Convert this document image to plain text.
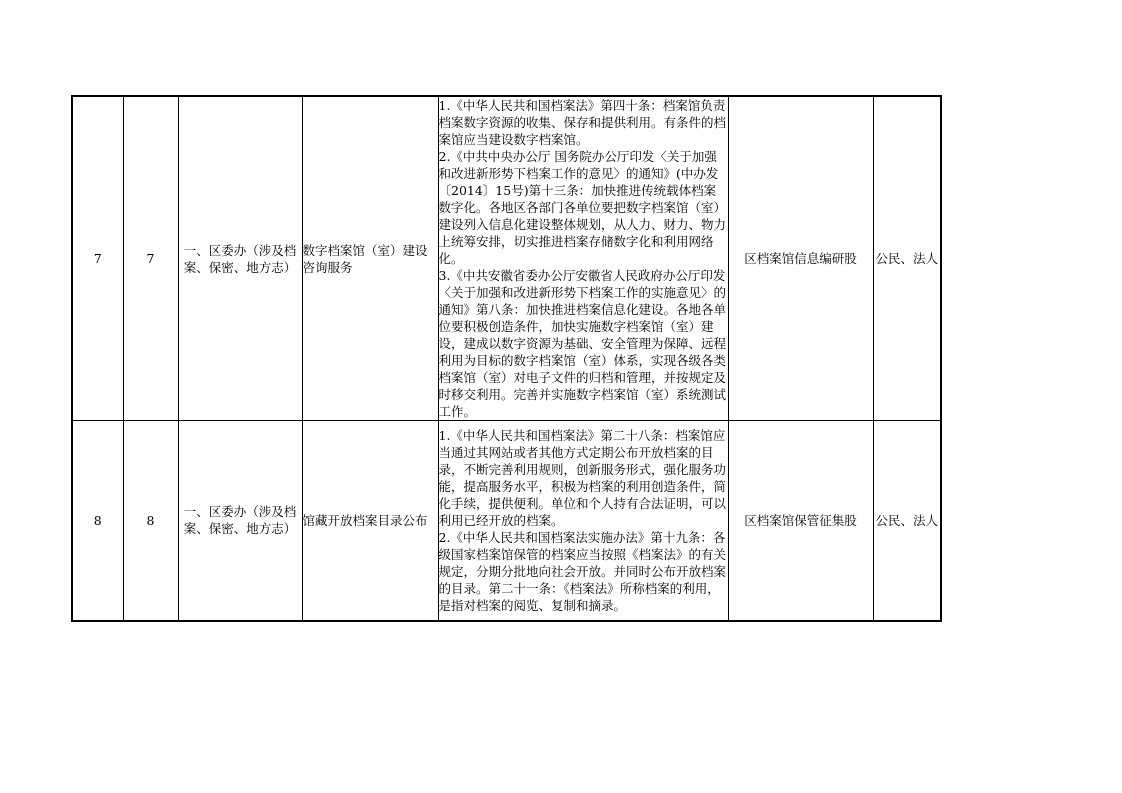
7	7	一、区委办（涉及档案、保密、地方志）	数字档案馆（室）建设咨询服务	1.《中华人民共和国档案法》第四十条：档案馆负责档案数字资源的收集、保存和提供利用。有条件的档案馆应当建设数字档案馆。
2.《中共中央办公厅 国务院办公厅印发〈关于加强和改进新形势下档案工作的意见〉的通知》(中办发〔2014〕15号)第十三条：加快推进传统载体档案数字化。各地区各部门各单位要把数字档案馆（室）建设列入信息化建设整体规划，从人力、财力、物力上统筹安排，切实推进档案存储数字化和利用网络化。
3.《中共安徽省委办公厅安徽省人民政府办公厅印发〈关于加强和改进新形势下档案工作的实施意见〉的通知》第八条：加快推进档案信息化建设。各地各单位要积极创造条件，加快实施数字档案馆（室）建设，建成以数字资源为基础、安全管理为保障、远程利用为目标的数字档案馆（室）体系，实现各级各类档案馆（室）对电子文件的归档和管理，并按规定及时移交利用。完善并实施数字档案馆（室）系统测试工作。	区档案馆信息编研股	公民、法人
8	8	一、区委办（涉及档案、保密、地方志）	馆藏开放档案目录公布	1.《中华人民共和国档案法》第二十八条：档案馆应当通过其网站或者其他方式定期公布开放档案的目录，不断完善利用规则，创新服务形式，强化服务功能，提高服务水平，积极为档案的利用创造条件，简化手续，提供便利。单位和个人持有合法证明，可以利用已经开放的档案。
2.《中华人民共和国档案法实施办法》第十九条：各级国家档案馆保管的档案应当按照《档案法》的有关规定，分期分批地向社会开放。并同时公布开放档案的目录。第二十一条：《档案法》所称档案的利用，是指对档案的阅览、复制和摘录。	区档案馆保管征集股	公民、法人
